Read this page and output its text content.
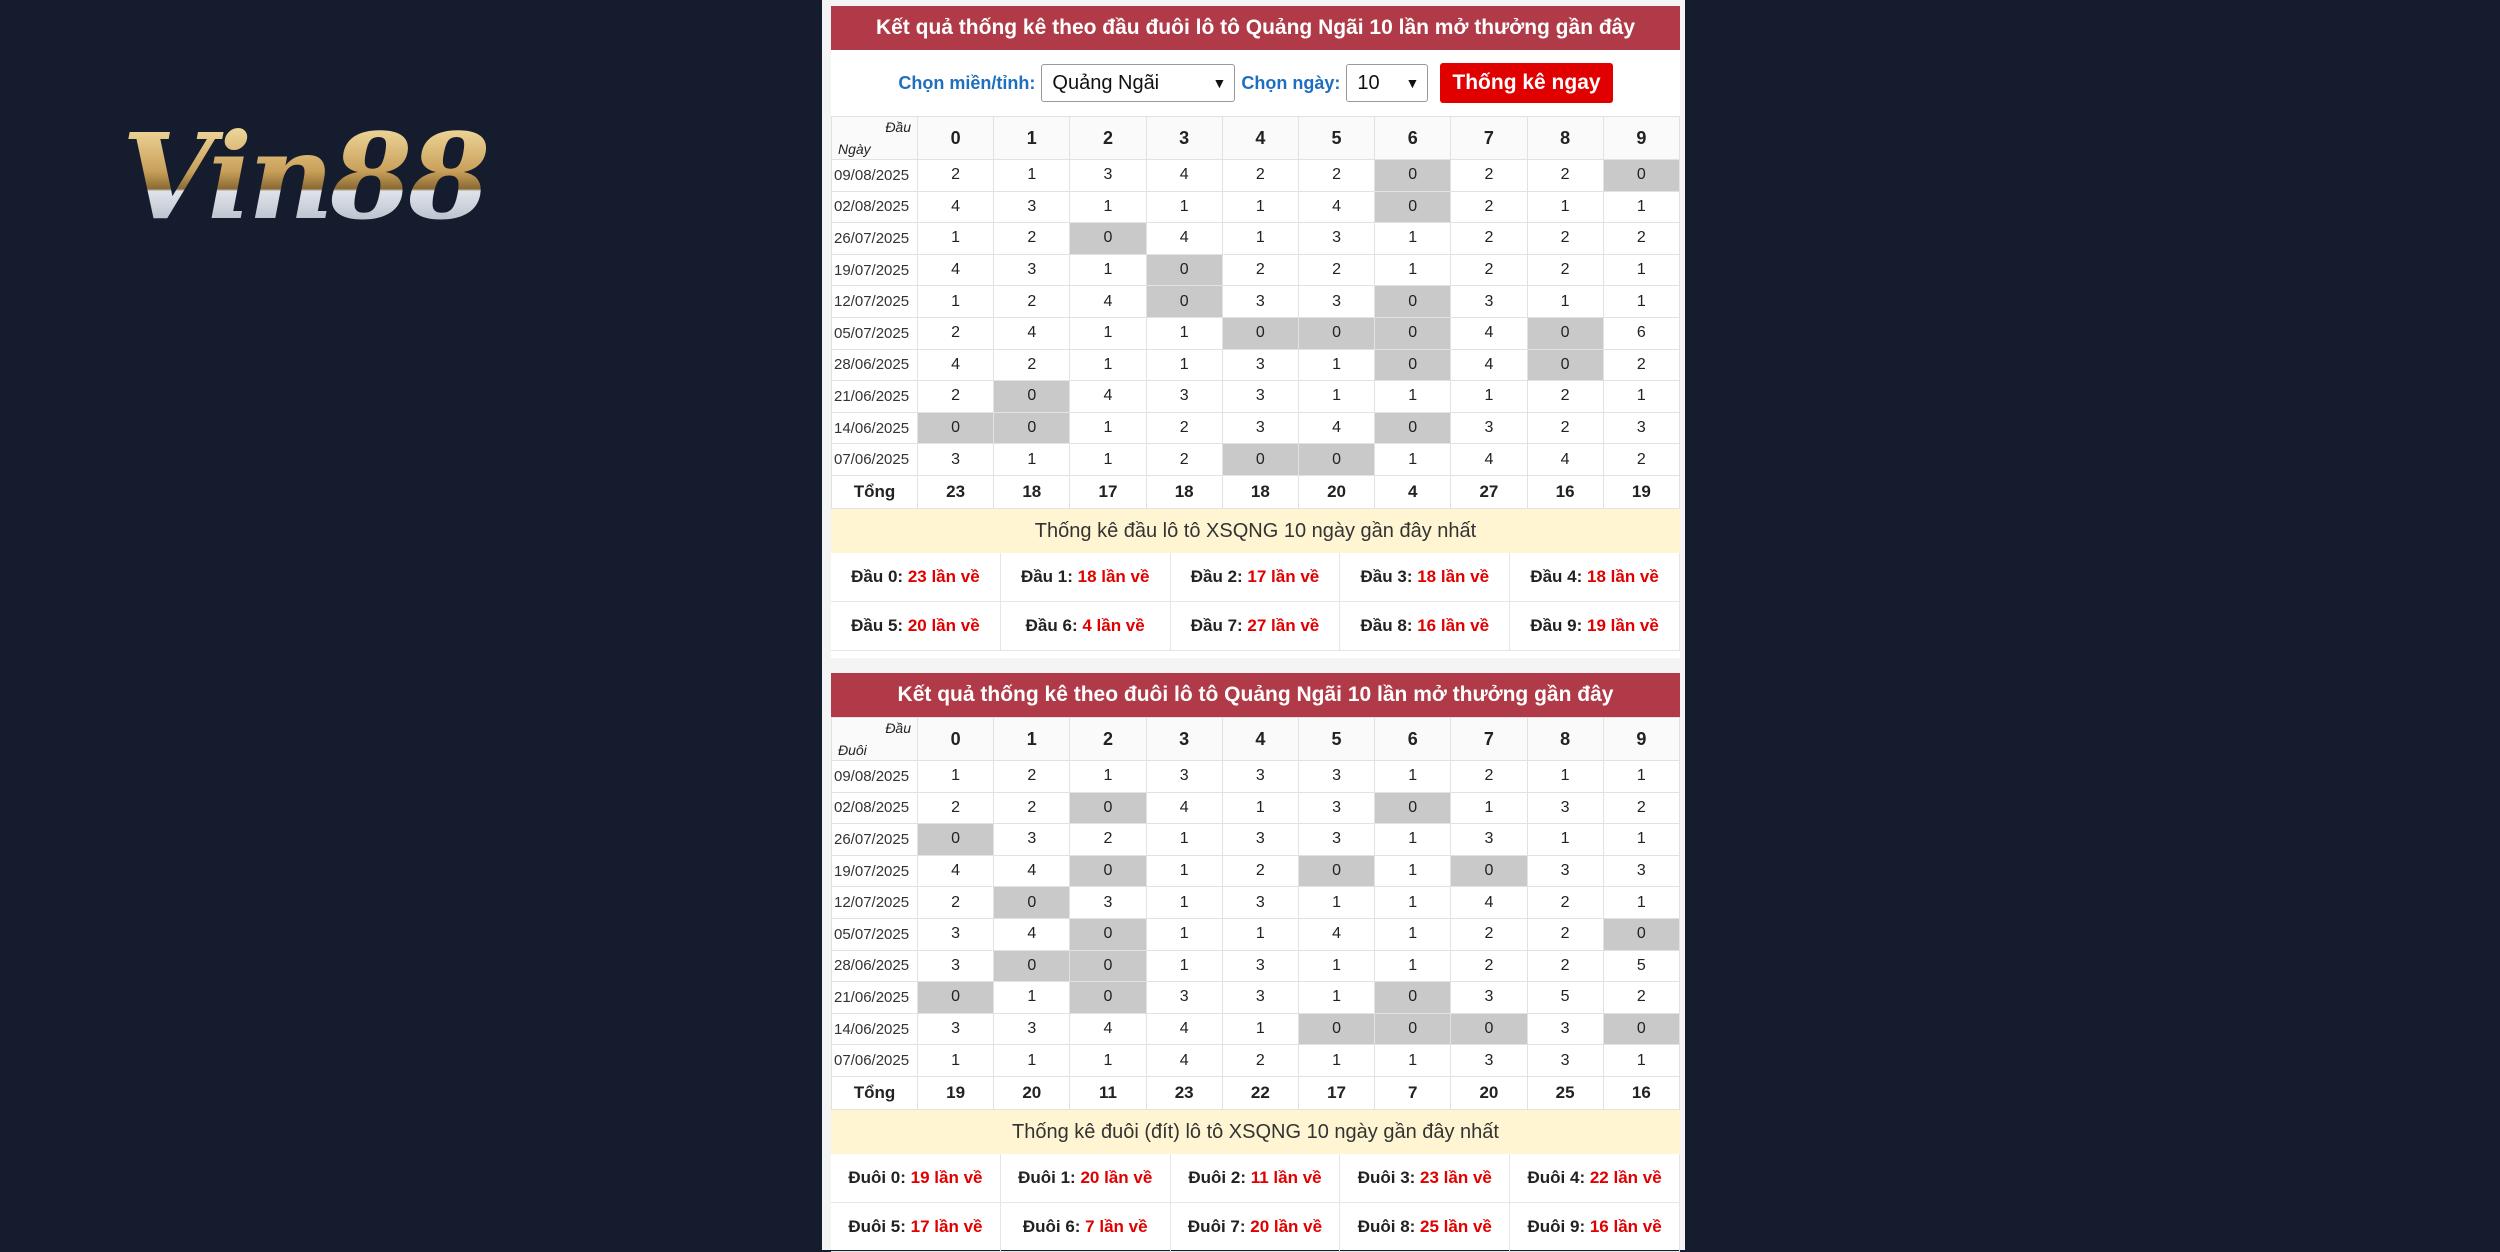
Vin88
Kết quả thống kê theo đầu đuôi lô tô Quảng Ngãi 10 lần mở thưởng gần đây
Chọn miền/tỉnh: Quảng Ngãi	▼ Chọn ngày: 10 ▼	Thống kê ngay
Đầu
Ngày	0	1	2	3	4	5	6	7	8	9
09/08/2025	2	1	3	4	2	2	0	2	2	0
02/08/2025	4	3	1	1	1	4	0	2	1	1
26/07/2025	1	2	0	4	1	3	1	2	2	2
19/07/2025	4	3	1	0	2	2	1	2	2	1
12/07/2025	1	2	4	0	3	3	0	3	1	1
05/07/2025	2	4	1	1	0	0	0	4	0	6
28/06/2025	4	2	1	1	3	1	0	4	0	2
21/06/2025	2	0	4	3	3	1	1	1	2	1
14/06/2025	0	0	1	2	3	4	0	3	2	3
07/06/2025	3	1	1	2	0	0	1	4	4	2
Tổng	23	18	17	18	18	20	4	27	16	19
Thống kê đầu lô tô XSQNG 10 ngày gần đây nhất
Đầu 0: 23 lần về	Đầu 1: 18 lần về	Đầu 2: 17 lần về	Đầu 3: 18 lần về	Đầu 4: 18 lần về
Đầu 5: 20 lần về	Đầu 6: 4 lần về	Đầu 7: 27 lần về	Đầu 8: 16 lần về	Đầu 9: 19 lần về
Kết quả thống kê theo đuôi lô tô Quảng Ngãi 10 lần mở thưởng gần đây
Đầu
Đuôi	0	1	2	3	4	5	6	7	8	9
09/08/2025	1	2	1	3	3	3	1	2	1	1
02/08/2025	2	2	0	4	1	3	0	1	3	2
26/07/2025	0	3	2	1	3	3	1	3	1	1
19/07/2025	4	4	0	1	2	0	1	0	3	3
12/07/2025	2	0	3	1	3	1	1	4	2	1
05/07/2025	3	4	0	1	1	4	1	2	2	0
28/06/2025	3	0	0	1	3	1	1	2	2	5
21/06/2025	0	1	0	3	3	1	0	3	5	2
14/06/2025	3	3	4	4	1	0	0	0	3	0
07/06/2025	1	1	1	4	2	1	1	3	3	1
Tổng	19	20	11	23	22	17	7	20	25	16
Thống kê đuôi (đít) lô tô XSQNG 10 ngày gần đây nhất
Đuôi 0: 19 lần về	Đuôi 1: 20 lần về	Đuôi 2: 11 lần về	Đuôi 3: 23 lần về	Đuôi 4: 22 lần về
Đuôi 5: 17 lần về	Đuôi 6: 7 lần về	Đuôi 7: 20 lần về	Đuôi 8: 25 lần về	Đuôi 9: 16 lần về
